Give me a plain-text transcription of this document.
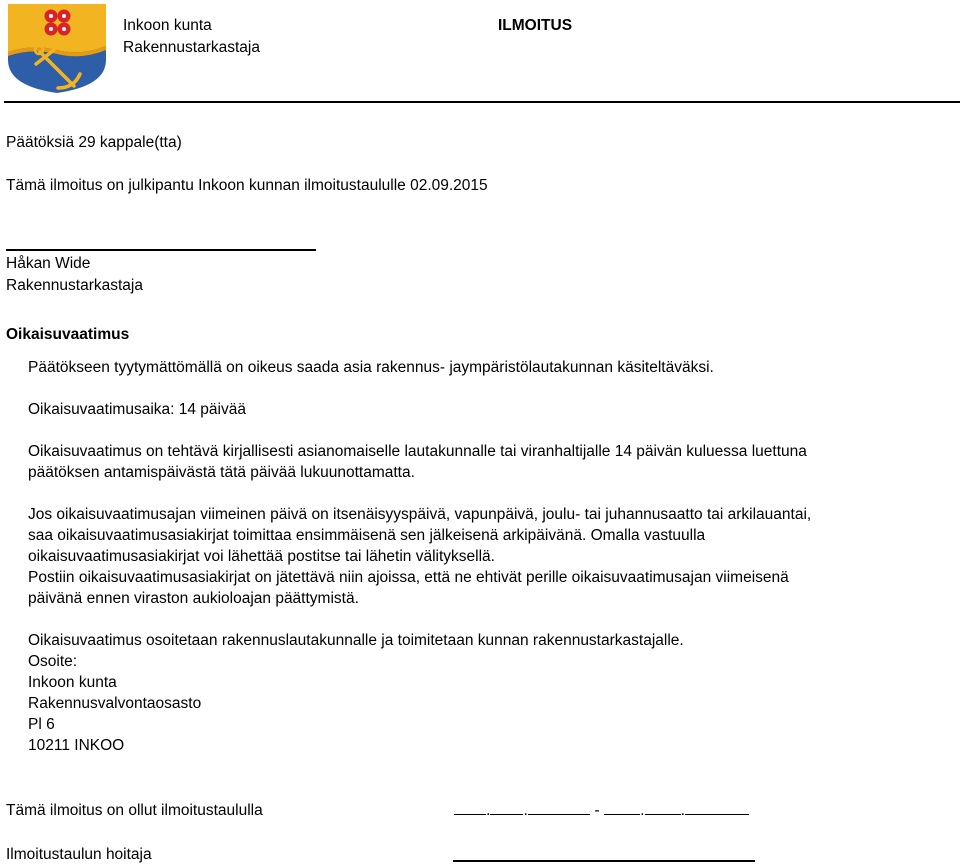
Inkoon kunta
Rakennustarkastaja
ILMOITUS
Päätöksiä 29 kappale(tta)
Tämä ilmoitus on julkipantu Inkoon kunnan ilmoitustaululle 02.09.2015
Håkan Wide
Rakennustarkastaja
Oikaisuvaatimus
Päätökseen tyytymättömällä on oikeus saada asia rakennus- jaympäristölautakunnan käsiteltäväksi.
Oikaisuvaatimusaika: 14 päivää
Oikaisuvaatimus on tehtävä kirjallisesti asianomaiselle lautakunnalle tai viranhaltijalle 14 päivän kuluessa luettuna
päätöksen antamispäivästä tätä päivää lukuunottamatta.
Jos oikaisuvaatimusajan viimeinen päivä on itsenäisyyspäivä, vapunpäivä, joulu- tai juhannusaatto tai arkilauantai,
saa oikaisuvaatimusasiakirjat toimittaa ensimmäisenä sen jälkeisenä arkipäivänä. Omalla vastuulla
oikaisuvaatimusasiakirjat voi lähettää postitse tai lähetin välityksellä.
Postiin oikaisuvaatimusasiakirjat on jätettävä niin ajoissa, että ne ehtivät perille oikaisuvaatimusajan viimeisenä
päivänä ennen viraston aukioloajan päättymistä.
Oikaisuvaatimus osoitetaan rakennuslautakunnalle ja toimitetaan kunnan rakennustarkastajalle.
Osoite:
Inkoon kunta
Rakennusvalvontaosasto
Pl 6
10211 INKOO
Tämä ilmoitus on ollut ilmoitustaululla	. .	-	. .
Ilmoitustaulun hoitaja
